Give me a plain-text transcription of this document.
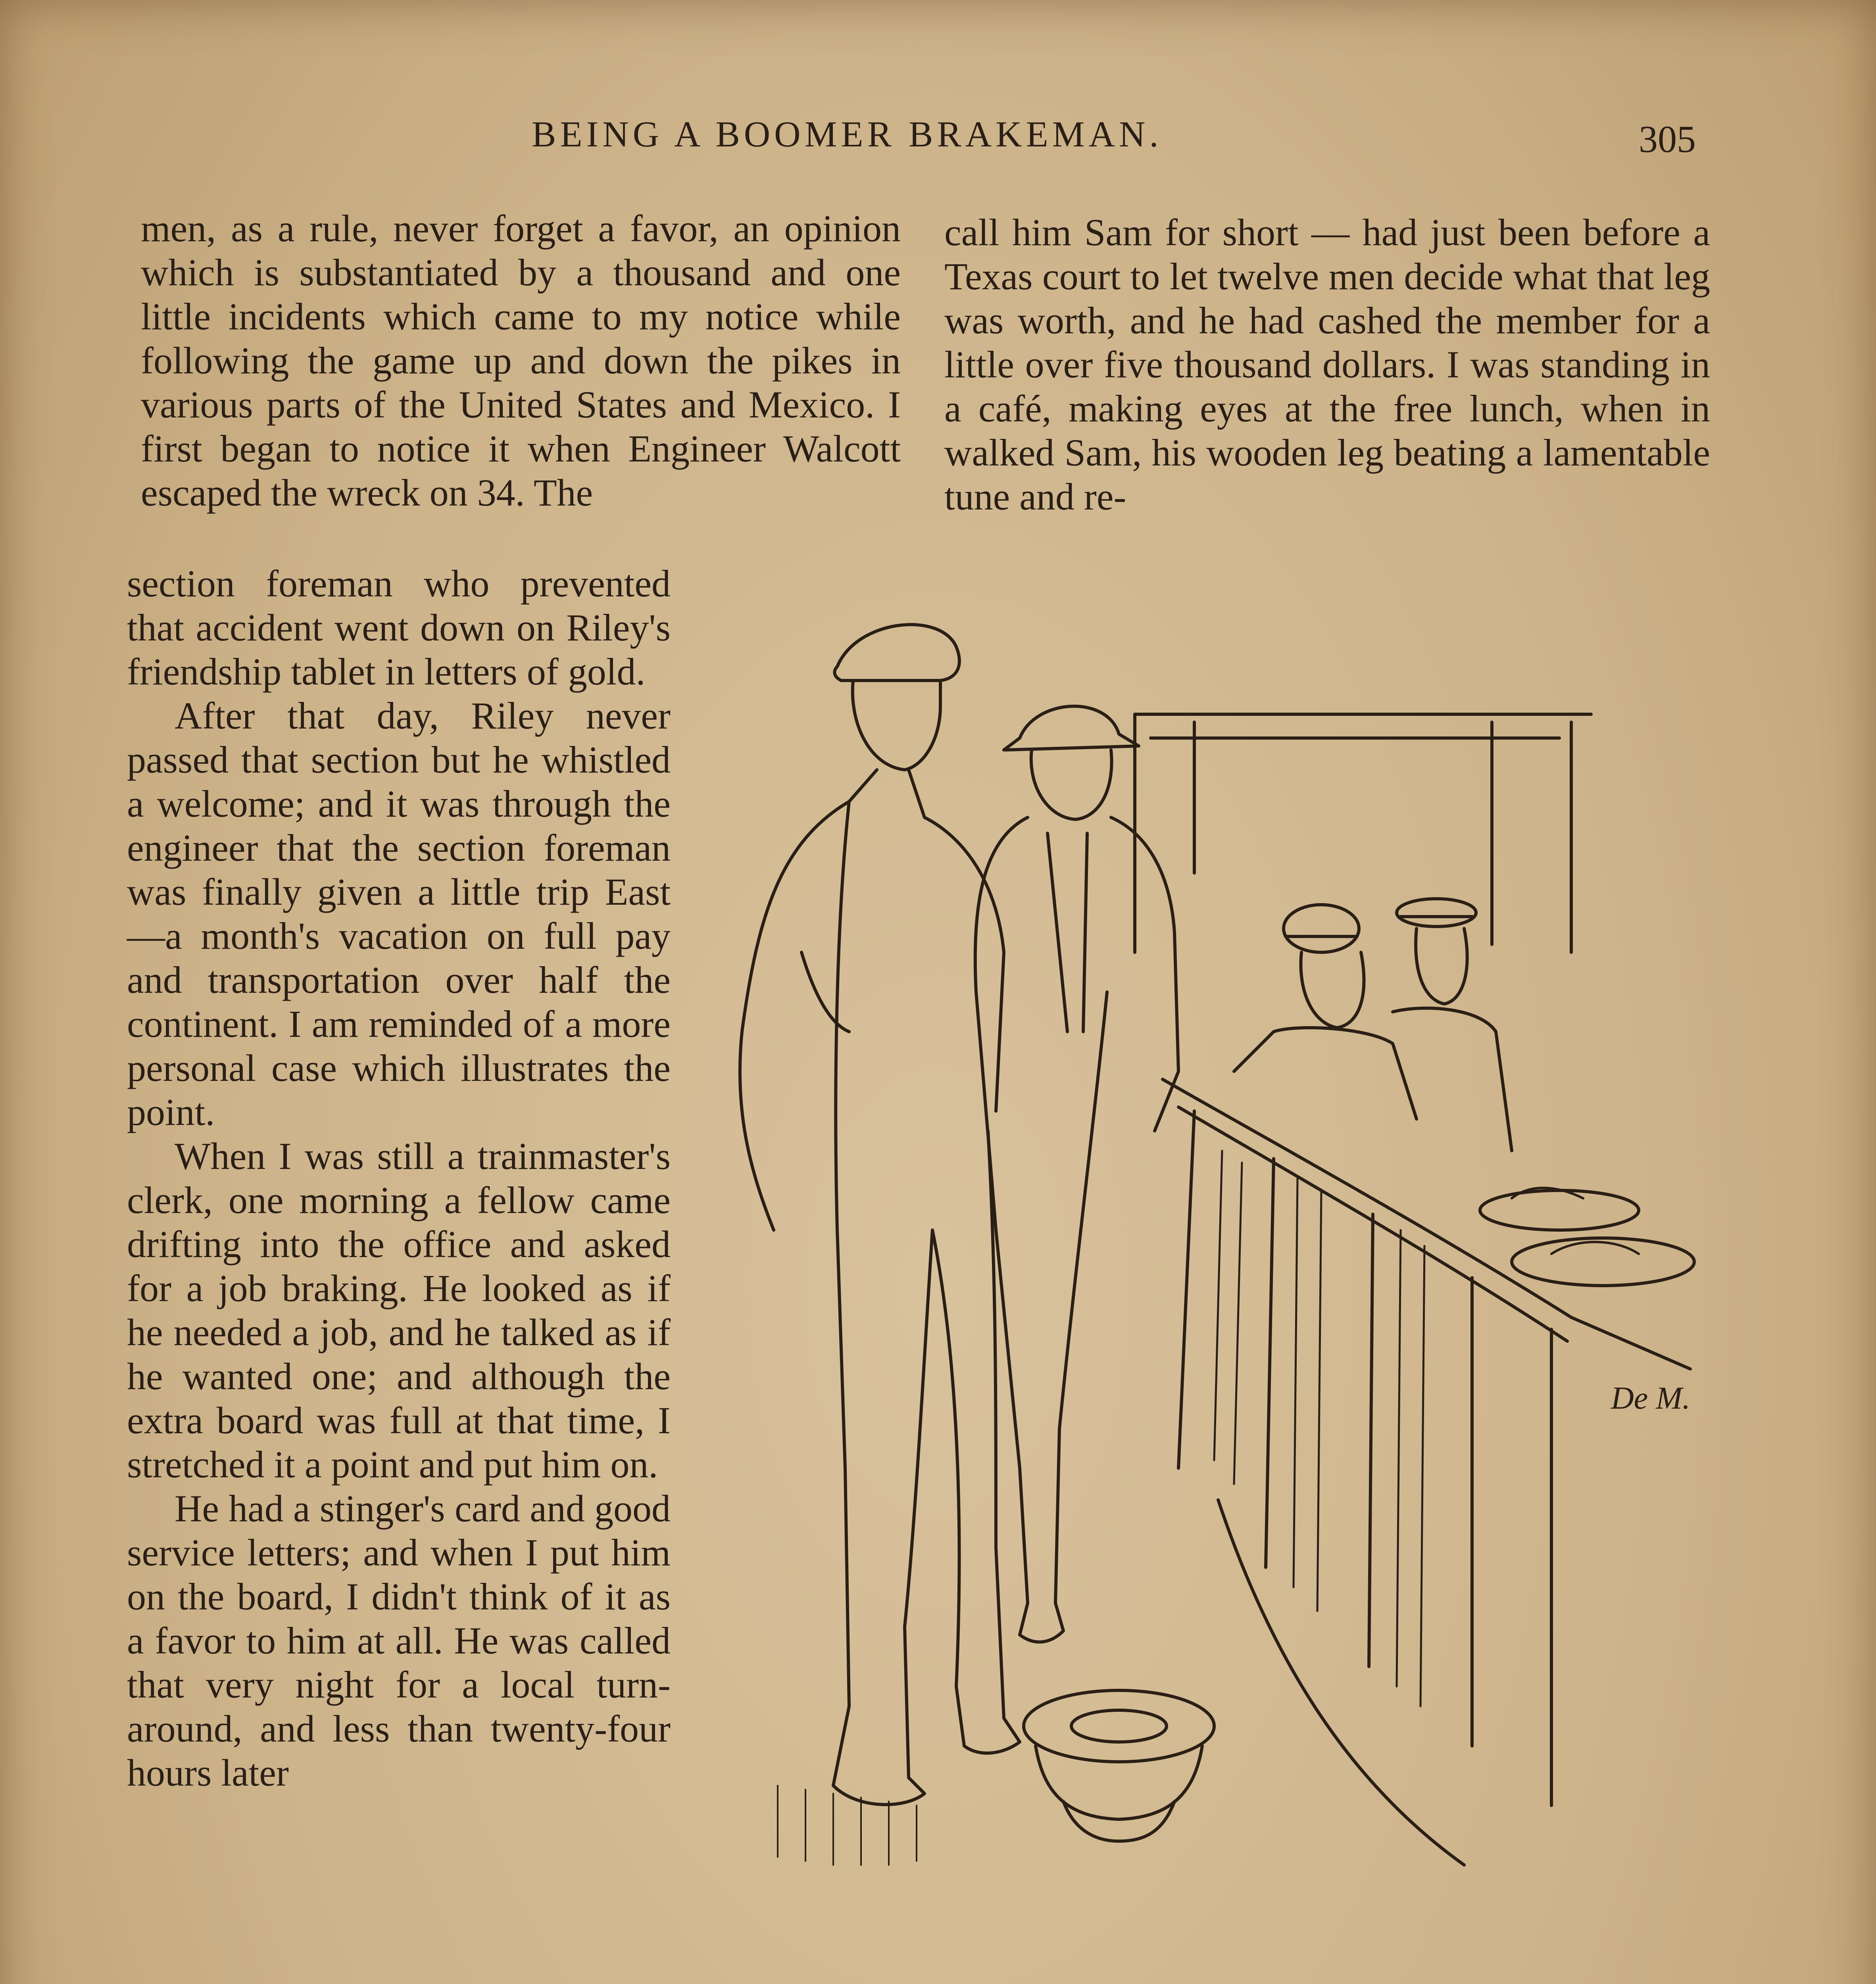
BEING A BOOMER BRAKEMAN.	305

men, as a rule, never forget a favor, an opinion which is substantiated by a thousand and one little incidents which came to my notice while following the game up and down the pikes in various parts of the United States and Mexico. I first began to notice it when Engineer Walcott escaped the wreck on 34. The

call him Sam for short — had just been before a Texas court to let twelve men decide what that leg was worth, and he had cashed the member for a little over five thousand dollars. I was standing in a café, making eyes at the free lunch, when in walked Sam, his wooden leg beating a lamentable tune and re-

section foreman who prevented that accident went down on Riley's friendship tablet in letters of gold.

After that day, Riley never passed that section but he whistled a welcome; and it was through the engineer that the section foreman was finally given a little trip East—a month's vacation on full pay and transportation over half the continent. I am reminded of a more personal case which illustrates the point.

When I was still a trainmaster's clerk, one morning a fellow came drifting into the office and asked for a job braking. He looked as if he needed a job, and he talked as if he wanted one; and although the extra board was full at that time, I stretched it a point and put him on.

He had a stinger's card and good service letters; and when I put him on the board, I didn't think of it as a favor to him at all. He was called that very night for a local turn-around, and less than twenty-four hours later

De M.
